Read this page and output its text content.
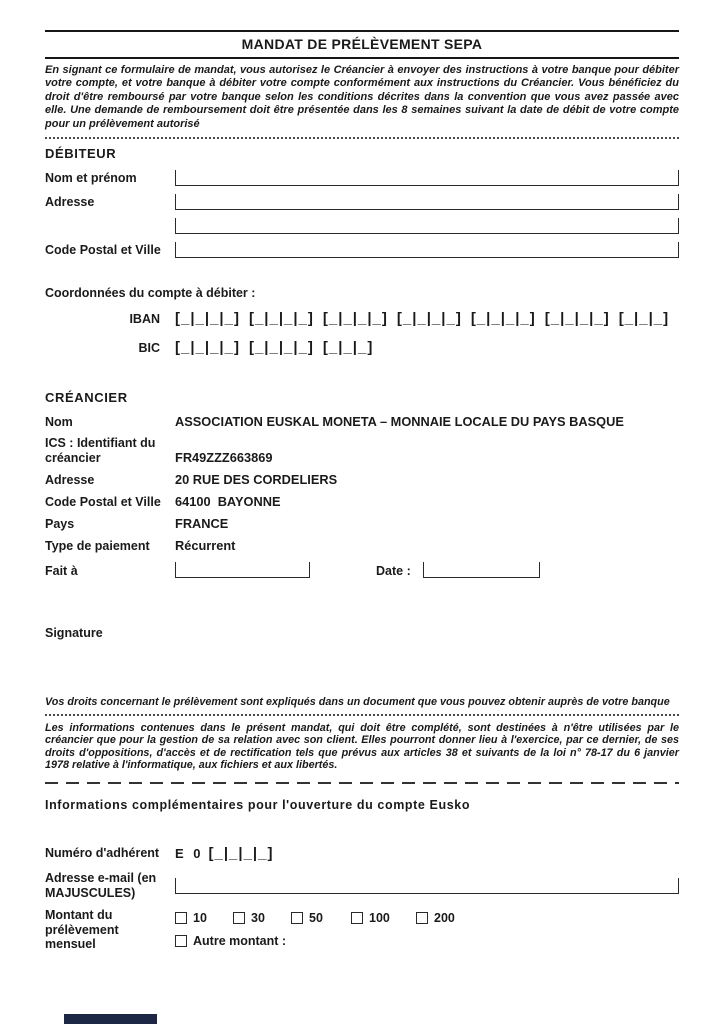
MANDAT DE PRÉLÈVEMENT SEPA

En signant ce formulaire de mandat, vous autorisez le Créancier à envoyer des instructions à votre banque pour débiter votre compte, et votre banque à débiter votre compte conformément aux instructions du Créancier. Vous bénéficiez du droit d'être remboursé par votre banque selon les conditions décrites dans la convention que vous avez passée avec elle. Une demande de remboursement doit être présentée dans les 8 semaines suivant la date de débit de votre compte pour un prélèvement autorisé

DÉBITEUR
Nom et prénom
Adresse
Code Postal et Ville
Coordonnées du compte à débiter :
IBAN	[_|_|_|_] [_|_|_|_] [_|_|_|_] [_|_|_|_] [_|_|_|_] [_|_|_|_] [_|_|_]
BIC	[_|_|_|_] [_|_|_|_] [_|_|_]
CRÉANCIER
Nom	ASSOCIATION EUSKAL MONETA – MONNAIE LOCALE DU PAYS BASQUE
ICS : Identifiant du
créancier	FR49ZZZ663869
Adresse	20 RUE DES CORDELIERS
Code Postal et Ville	64100  BAYONNE
Pays	FRANCE
Type de paiement	Récurrent
Fait à	Date :
Signature
Vos droits concernant le prélèvement sont expliqués dans un document que vous pouvez obtenir auprès de votre banque

Les informations contenues dans le présent mandat, qui doit être complété, sont destinées à n'être utilisées par le créancier que pour la gestion de sa relation avec son client. Elles pourront donner lieu à l'exercice, par ce dernier, de ses droits d'oppositions, d'accès et de rectification tels que prévus aux articles 38 et suivants de la loi n° 78-17 du 6 janvier 1978 relative à l'informatique, aux fichiers et aux libertés.

Informations complémentaires pour l'ouverture du compte Eusko
Numéro d'adhérent	E 0 [_|_|_|_]
Adresse e-mail (en
MAJUSCULES)
Montant du
prélèvement
mensuel
10	30	50	100	200
Autre montant :
